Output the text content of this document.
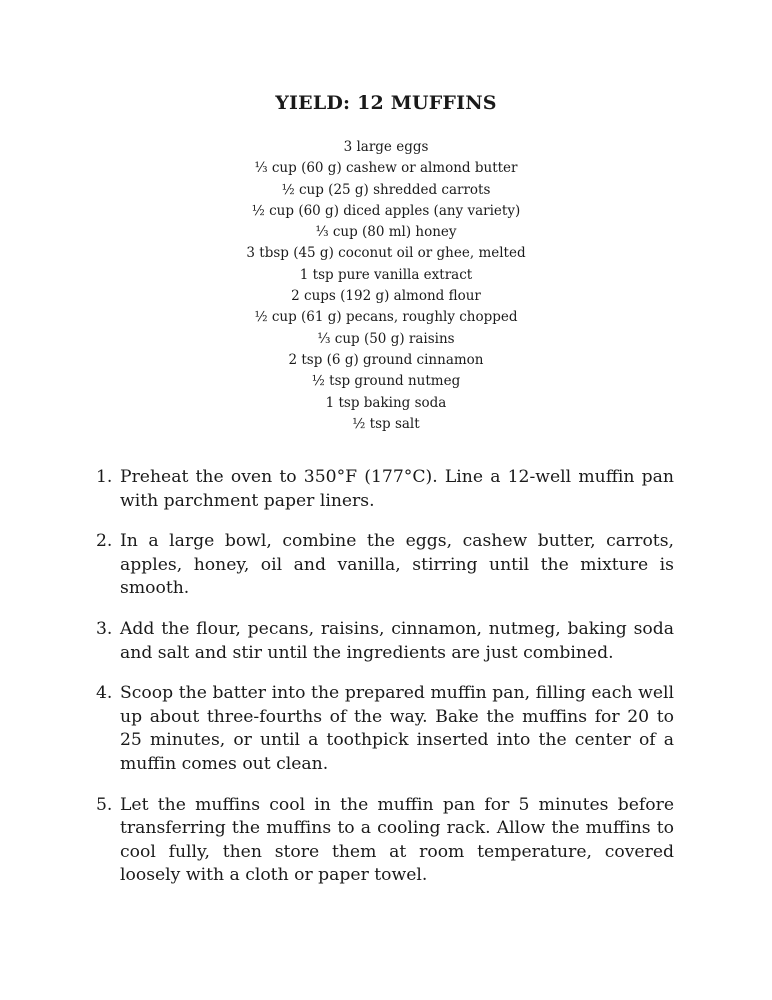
YIELD: 12 MUFFINS
3 large eggs
⅓ cup (60 g) cashew or almond butter
½ cup (25 g) shredded carrots
½ cup (60 g) diced apples (any variety)
⅓ cup (80 ml) honey
3 tbsp (45 g) coconut oil or ghee, melted
1 tsp pure vanilla extract
2 cups (192 g) almond flour
½ cup (61 g) pecans, roughly chopped
⅓ cup (50 g) raisins
2 tsp (6 g) ground cinnamon
½ tsp ground nutmeg
1 tsp baking soda
½ tsp salt
1. Preheat the oven to 350°F (177°C). Line a 12-well muffin pan with parchment paper liners.
2. In a large bowl, combine the eggs, cashew butter, carrots, apples, honey, oil and vanilla, stirring until the mixture is smooth.
3. Add the flour, pecans, raisins, cinnamon, nutmeg, baking soda and salt and stir until the ingredients are just combined.
4. Scoop the batter into the prepared muffin pan, filling each well up about three-fourths of the way. Bake the muffins for 20 to 25 minutes, or until a toothpick inserted into the center of a muffin comes out clean.
5. Let the muffins cool in the muffin pan for 5 minutes before transferring the muffins to a cooling rack. Allow the muffins to cool fully, then store them at room temperature, covered loosely with a cloth or paper towel.
